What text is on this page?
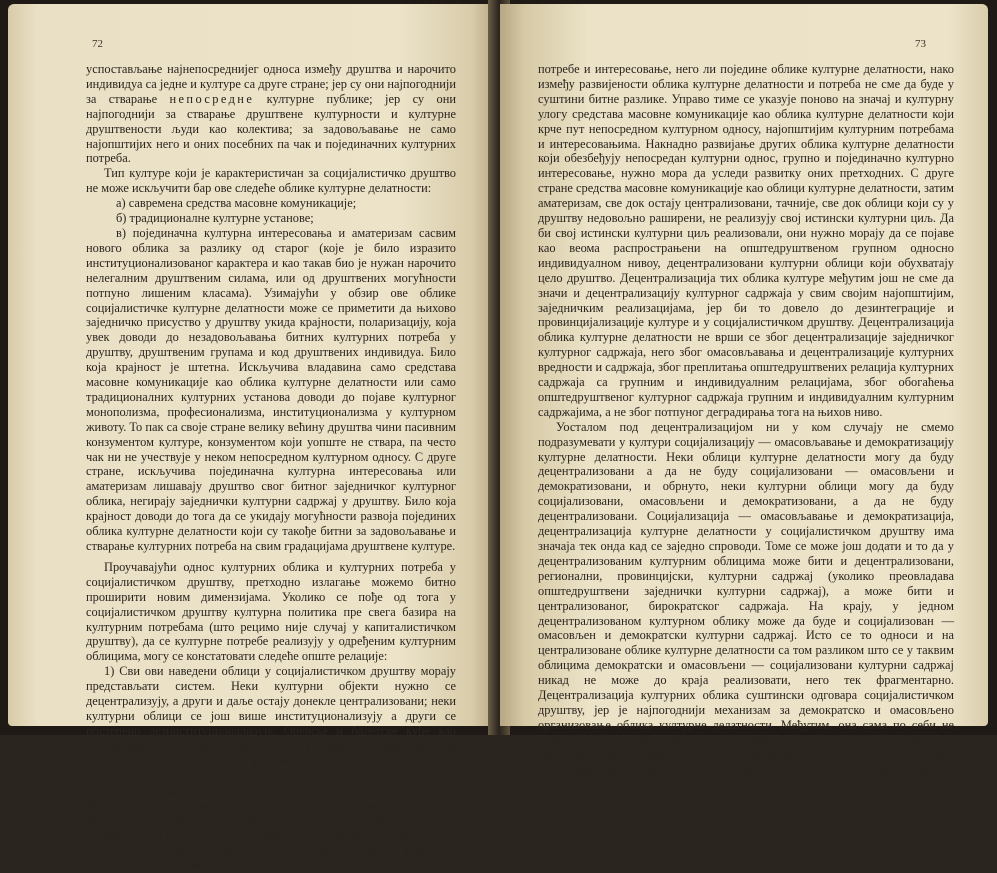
72

успостављање најнепосреднијег односа између друштва и нарочито индивидуа са једне и културе са друге стране; јер су они најпогоднији за стварање непосредне културне публике; јер су они најпогоднији за стварање друштвене културности и културне друштвености људи као колектива; за задовољавање не само најопштијих него и оних посебних па чак и појединачних културних потреба.

Тип културе који је карактеристичан за социјалистичко друштво не може искључити бар ове следеће облике културне делатности:

а) савремена средства масовне комуникације;

б) традиционалне културне установе;

в) појединачна културна интересовања и аматеризам сасвим нового облика за разлику од старог (које је било изразито институционализованог карактера и као такав био је нужан нарочито нелегалним друштвеним силама, или од друштвених могућности потпуно лишеним класама). Узимајући у обзир ове облике социјалистичке културне делатности може се приметити да њихово заједничко присуство у друштву укида крајности, поларизацију, која увек доводи до незадовољавања битних културних потреба у друштву, друштвеним групама и код друштвених индивидуа. Било која крајност је штетна. Искључива владавина само средстава масовне комуникације као облика културне делатности или само традиционалних културних установа доводи до појаве културног монополизма, професионализма, институционализма у културном животу. То пак са своје стране велику већину друштва чини пасивним конзументом културе, конзументом који уопште не ствара, па често чак ни не учествује у неком непосредном културном односу. С друге стране, искључива појединачна културна интересовања или аматеризам лишавају друштво свог битног заједничког културног облика, негирају заједнички културни садржај у друштву. Било која крајност доводи до тога да се укидају могућности развоја појединих облика културне делатности који су такође битни за задовољавање и стварање културних потреба на свим градацијама друштвене културе.

Проучавајући однос културних облика и културних потреба у социјалистичком друштву, претходно излагање можемо битно проширити новим димензијама. Уколико се пође од тога у социјалистичком друштву културна политика пре свега базира на културним потребама (што рецимо није случај у капиталистичком друштву), да се културне потребе реализују у одређеним културним облицима, могу се констатовати следеће опште релације:

1) Сви ови наведени облици у социјалистичком друштву морају представљати систем. Неки културни објекти нужно се децентрализују, а други и даље остају донекле централизовани; неки културни облици се још више институционализују а други се постепено дезинституционализују. Оперске и балетске куће као институције, на пример, не могу се ни у социјалистичком друштву потпуно децентрализовати а још мање дезинституционализовати. Оне не и даље остати централизоване, иако за децентрализацију развоја друштво обезбеђује све новије и новије могућности. Међутим, интересовање према балету и опери, музици итд. нужно мора да се појављује као све више општедруштвено, групно и индивидуално културно интересовање у исто време. Социјалистичка културна политика мора понекад знатно шире развијати, децентрализовати, омасовљавати и демократизовати културне

73

потребе и интересовање, него ли поједине облике културне делатности, нако између развијености облика културне делатности и потреба не сме да буде у суштини битне разлике. Управо тиме се указује поново на значај и културну улогу средстава масовне комуникације као облика културне делатности који крче пут непосредном културном односу, најопштијим културним потребама и интересовањима. Накнадно развијање других облика културне делатности који обезбеђују непосредан културни однос, групно и појединачно културно интересовање, нужно мора да уследи развитку оних претходних. С друге стране средства масовне комуникације као облици културне делатности, затим аматеризам, све док остају централизовани, тачније, све док облици који су у друштву недовољно раширени, не реализују свој истински културни циљ. Да би свој истински културни циљ реализовали, они нужно морају да се појаве као веома распрострањени на општедруштвеном групном односно индивидуалном нивоу, децентрализовани културни облици који обухватају цело друштво. Децентрализација тих облика културе међутим још не сме да значи и децентрализацију културног садржаја у свим својим најопштијим, заједничким реализацијама, јер би то довело до дезинтеграције и провинцијализације културе и у социјалистичком друштву. Децентрализација облика културне делатности не врши се због децентрализације заједничког културног садржаја, него због омасовљавања и децентрализације културних вредности и садржаја, због преплитања општедруштвених релација културних садржаја са групним и индивидуалним релацијама, због обогаћења општедруштвеног културног садржаја групним и индивидуалним културним садржајима, а не због потпуног деградирања тога на њихов ниво.

Уосталом под децентрализацијом ни у ком случају не смемо подразумевати у култури социјализацију — омасовљавање и демократизацију културне делатности. Неки облици културне делатности могу да буду децентрализовани а да не буду социјализовани — омасовљени и демократизовани, и обрнуто, неки културни облици могу да буду социјализовани, омасовљени и демократизовани, а да не буду децентрализовани. Социјализација — омасовљавање и демократизација, децентрализација културне делатности у социјалистичком друштву има значаја тек онда кад се заједно спроводи. Томе се може још додати и то да у децентрализованим културним облицима може бити и децентрализовани, регионални, провинцијски, културни садржај (уколико преовладава општедруштвени заједнички културни садржај), а може бити и централизованог, бирократског садржаја. На крају, у једном децентрализованом културном облику може да буде и социјализован — омасовљен и демократски културни садржај. Исто се то односи и на централизоване облике културне делатности са том разликом што се у таквим облицима демократски и омасовљени — социјализовани културни садржај никад не може до краја реализовати, него тек фрагментарно. Децентрализација културних облика суштински одговара социјалистичком друштву, јер је најпогоднији механизам за демократско и омасовљено организовање облика културне делатности. Међутим, она сама по себи не значи ни социјализовану, ни омасовљену културну делатност. Демократизовани и омасовљени културни облик по правилу мора да се појави и као децентрализовани културни облик, али исто то не стоји и обрнуто, наиме да децентрализовани културни облик са становишта социјалистичког друштва аутоматски мора да
